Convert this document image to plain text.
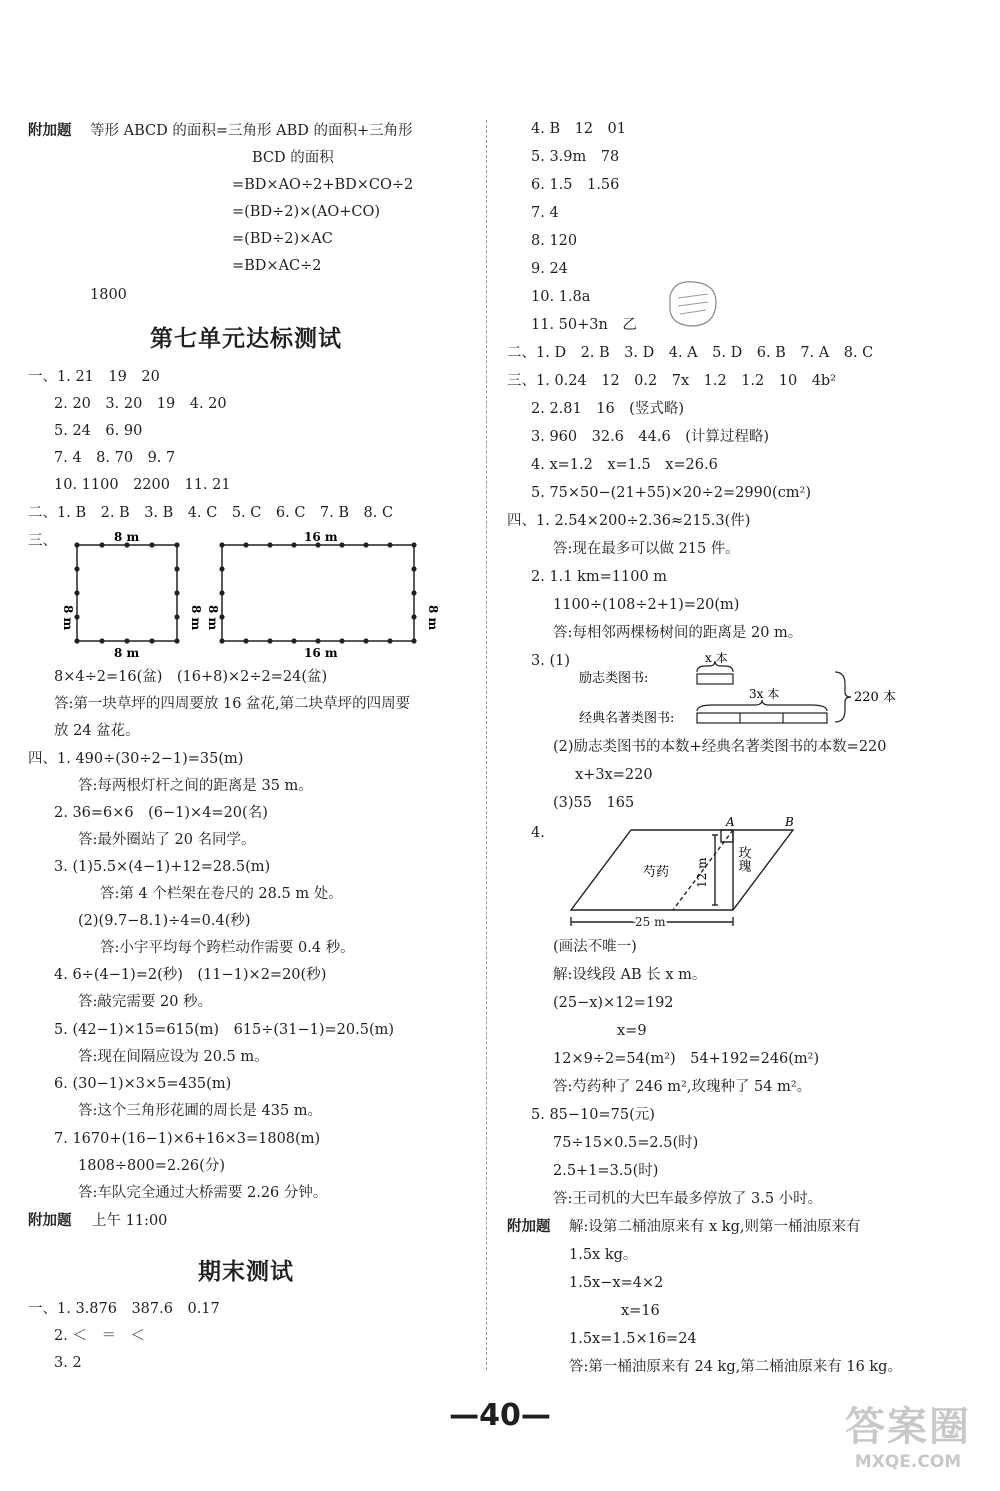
附加题 等形 ABCD 的面积=三角形 ABD 的面积+三角形
BCD 的面积
=BD×AO÷2+BD×CO÷2
=(BD÷2)×(AO+CO)
=(BD÷2)×AC
=BD×AC÷2
1800
第七单元达标测试
一、1. 21　19　20
2. 20　3. 20　19　4. 20
5. 24　6. 90
7. 4　8. 70　9. 7
10. 1100　2200　11. 21
二、1. B　2. B　3. B　4. C　5. C　6. C　7. B　8. C
三、	8 m
8 m
8 m	8 m
16 m
16 m
8 m	8 m
8×4÷2=16(盆)　(16+8)×2÷2=24(盆)
答:第一块草坪的四周要放 16 盆花,第二块草坪的四周要
放 24 盆花。
四、1. 490÷(30÷2−1)=35(m)
答:每两根灯杆之间的距离是 35 m。
2. 36=6×6　(6−1)×4=20(名)
答:最外圈站了 20 名同学。
3. (1)5.5×(4−1)+12=28.5(m)
答:第 4 个栏架在卷尺的 28.5 m 处。
(2)(9.7−8.1)÷4=0.4(秒)
答:小宇平均每个跨栏动作需要 0.4 秒。
4. 6÷(4−1)=2(秒)　(11−1)×2=20(秒)
答:敲完需要 20 秒。
5. (42−1)×15=615(m)　615÷(31−1)=20.5(m)
答:现在间隔应设为 20.5 m。
6. (30−1)×3×5=435(m)
答:这个三角形花圃的周长是 435 m。
7. 1670+(16−1)×6+16×3=1808(m)
1808÷800=2.26(分)
答:车队完全通过大桥需要 2.26 分钟。
附加题 上午 11:00
期末测试
一、1. 3.876　387.6　0.17
2. ＜　＝　＜
3. 2
4. B　12　01
5. 3.9m　78
6. 1.5　1.56
7. 4
8. 120
9. 24
10. 1.8a
11. 50+3n　乙
二、1. D　2. B　3. D　4. A　5. D　6. B　7. A　8. C
三、1. 0.24　12　0.2　7x　1.2　1.2　10　4b²
2. 2.81　16　(竖式略)
3. 960　32.6　44.6　(计算过程略)
4. x=1.2　x=1.5　x=26.6
5. 75×50−(21+55)×20÷2=2990(cm²)
四、1. 2.54×200÷2.36≈215.3(件)
答:现在最多可以做 215 件。
2. 1.1 km=1100 m
1100÷(108÷2+1)=20(m)
答:每相邻两棵杨树间的距离是 20 m。
3. (1)
励志类图书:
经典名著类图书:
x 本
3x 本	220 本
(2)励志类图书的本数+经典名著类图书的本数=220
x+3x=220
(3)55　165
4.
A	B
芍药
玫瑰
12 m
25 m
(画法不唯一)
解:设线段 AB 长 x m。
(25−x)×12=192
x=9
12×9÷2=54(m²)　54+192=246(m²)
答:芍药种了 246 m²,玫瑰种了 54 m²。
5. 85−10=75(元)
75÷15×0.5=2.5(时)
2.5+1=3.5(时)
答:王司机的大巴车最多停放了 3.5 小时。
附加题 解:设第二桶油原来有 x kg,则第一桶油原来有
1.5x kg。
1.5x−x=4×2
x=16
1.5x=1.5×16=24
答:第一桶油原来有 24 kg,第二桶油原来有 16 kg。
—40—	答案圈
MXQE.COM
